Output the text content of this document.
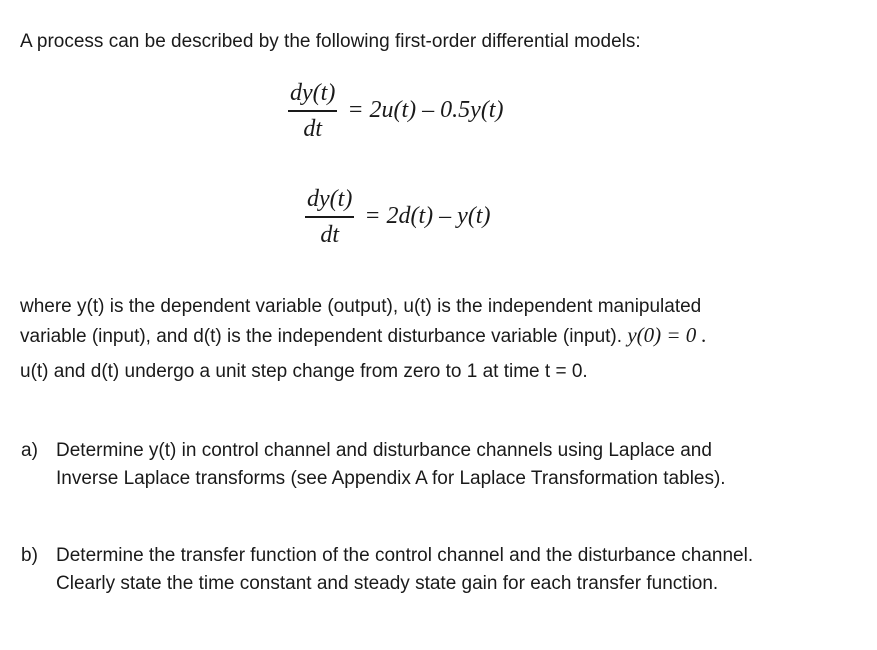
A process can be described by the following first-order differential models:
$\frac{dy(t)}{dt} = 2u(t) - 0.5y(t)$
$\frac{dy(t)}{dt} = 2d(t) - y(t)$
where y(t) is the dependent variable (output), u(t) is the independent manipulated
variable (input), and d(t) is the independent disturbance variable (input). y(0) = 0 .
u(t) and d(t) undergo a unit step change from zero to 1 at time t = 0.
a) Determine y(t) in control channel and disturbance channels using Laplace and
Inverse Laplace transforms (see Appendix A for Laplace Transformation tables).
b) Determine the transfer function of the control channel and the disturbance channel.
Clearly state the time constant and steady state gain for each transfer function.
